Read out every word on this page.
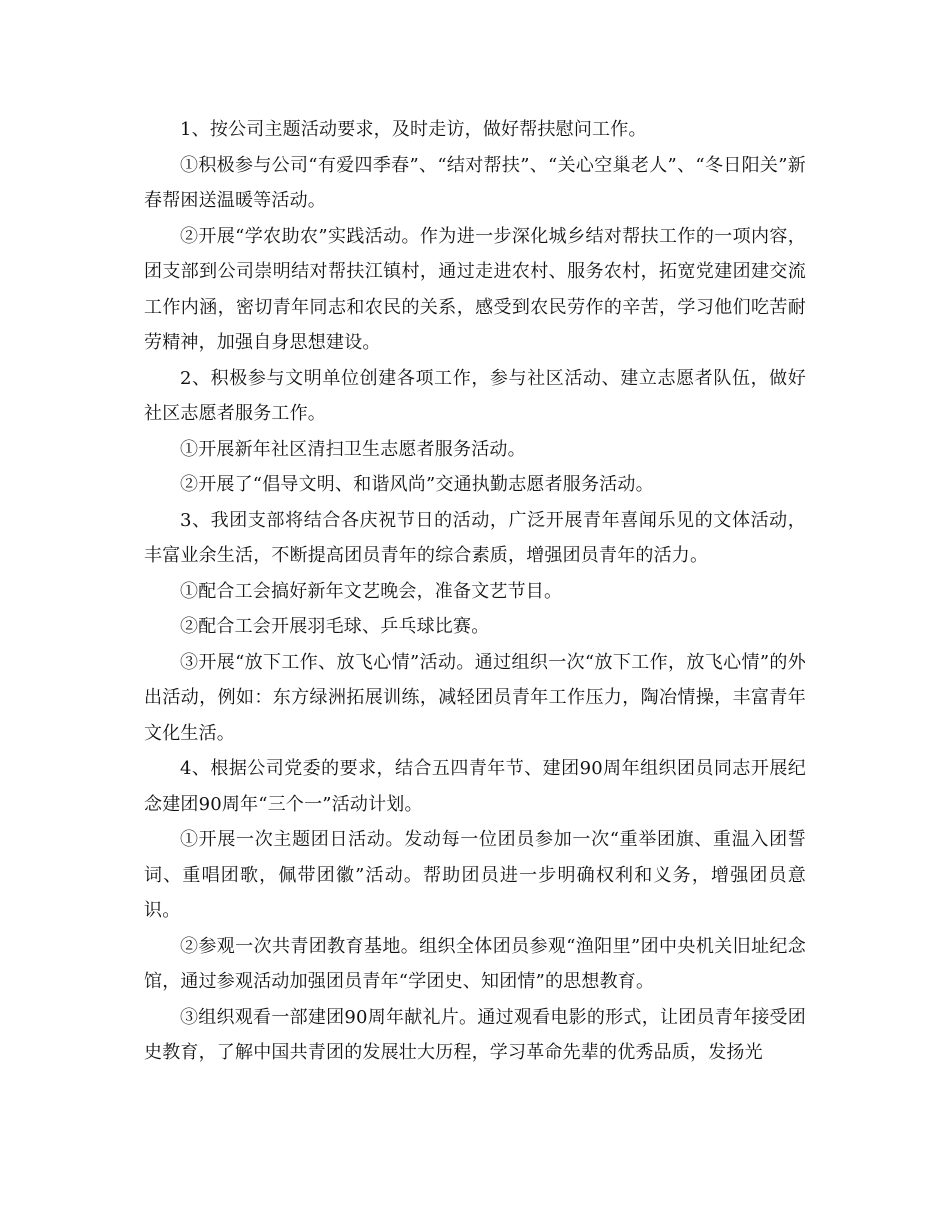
1、按公司主题活动要求，及时走访，做好帮扶慰问工作。

①积极参与公司“有爱四季春”、“结对帮扶”、“关心空巢老人”、“冬日阳关”新春帮困送温暖等活动。

②开展“学农助农”实践活动。作为进一步深化城乡结对帮扶工作的一项内容，团支部到公司崇明结对帮扶江镇村，通过走进农村、服务农村，拓宽党建团建交流工作内涵，密切青年同志和农民的关系，感受到农民劳作的辛苦，学习他们吃苦耐劳精神，加强自身思想建设。

2、积极参与文明单位创建各项工作，参与社区活动、建立志愿者队伍，做好社区志愿者服务工作。

①开展新年社区清扫卫生志愿者服务活动。

②开展了“倡导文明、和谐风尚”交通执勤志愿者服务活动。

3、我团支部将结合各庆祝节日的活动，广泛开展青年喜闻乐见的文体活动，丰富业余生活，不断提高团员青年的综合素质，增强团员青年的活力。

①配合工会搞好新年文艺晚会，准备文艺节目。

②配合工会开展羽毛球、乒乓球比赛。

③开展“放下工作、放飞心情”活动。通过组织一次“放下工作，放飞心情”的外出活动，例如：东方绿洲拓展训练，减轻团员青年工作压力，陶冶情操，丰富青年文化生活。

4、根据公司党委的要求，结合五四青年节、建团90周年组织团员同志开展纪念建团90周年“三个一”活动计划。

①开展一次主题团日活动。发动每一位团员参加一次“重举团旗、重温入团誓词、重唱团歌，佩带团徽”活动。帮助团员进一步明确权利和义务，增强团员意识。

②参观一次共青团教育基地。组织全体团员参观“渔阳里”团中央机关旧址纪念馆，通过参观活动加强团员青年“学团史、知团情”的思想教育。

③组织观看一部建团90周年献礼片。通过观看电影的形式，让团员青年接受团史教育，了解中国共青团的发展壮大历程，学习革命先辈的优秀品质，发扬光
